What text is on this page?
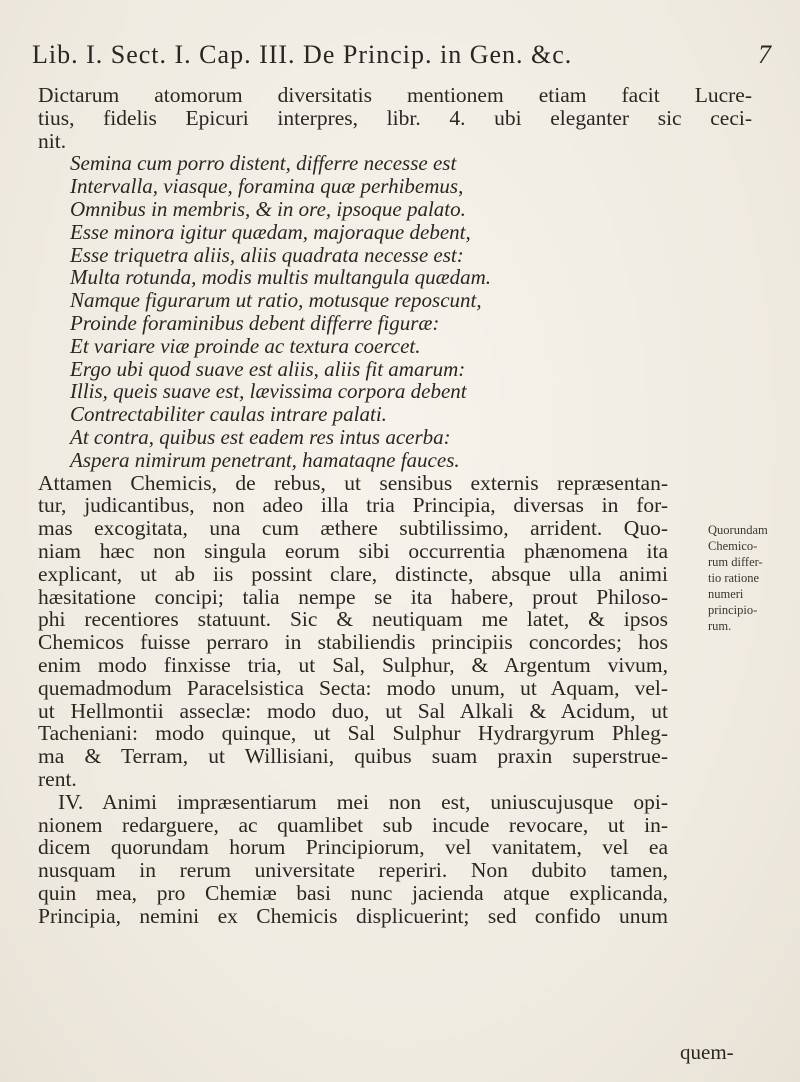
Lib. I. Sect. I. Cap. III. De Princip. in Gen. &c.	7
Dictarum atomorum diversitatis mentionem etiam facit Lucre-
tius, fidelis Epicuri interpres, libr. 4. ubi eleganter sic ceci-
nit.
Semina cum porro distent, differre necesse est
Intervalla, viasque, foramina quæ perhibemus,
Omnibus in membris, & in ore, ipsoque palato.
Esse minora igitur quædam, majoraque debent,
Esse triquetra aliis, aliis quadrata necesse est:
Multa rotunda, modis multis multangula quædam.
Namque figurarum ut ratio, motusque reposcunt,
Proinde foraminibus debent differre figuræ:
Et variare viæ proinde ac textura coercet.
Ergo ubi quod suave est aliis, aliis fit amarum:
Illis, queis suave est, lævissima corpora debent
Contrectabiliter caulas intrare palati.
At contra, quibus est eadem res intus acerba:
Aspera nimirum penetrant, hamataqne fauces.
Attamen Chemicis, de rebus, ut sensibus externis repræsentan-
tur, judicantibus, non adeo illa tria Principia, diversas in for-
mas excogitata, una cum æthere subtilissimo, arrident. Quo-
niam hæc non singula eorum sibi occurrentia phænomena ita
explicant, ut ab iis possint clare, distincte, absque ulla animi
hæsitatione concipi; talia nempe se ita habere, prout Philoso-
phi recentiores statuunt. Sic & neutiquam me latet, & ipsos
Chemicos fuisse perraro in stabiliendis principiis concordes; hos
enim modo finxisse tria, ut Sal, Sulphur, & Argentum vivum,
quemadmodum Paracelsistica Secta: modo unum, ut Aquam, vel-
ut Hellmontii asseclæ: modo duo, ut Sal Alkali & Acidum, ut
Tacheniani: modo quinque, ut Sal Sulphur Hydrargyrum Phleg-
ma & Terram, ut Willisiani, quibus suam praxin superstrue-
rent.
IV. Animi impræsentiarum mei non est, uniuscujusque opi-
nionem redarguere, ac quamlibet sub incude revocare, ut in-
dicem quorundam horum Principiorum, vel vanitatem, vel ea
nusquam in rerum universitate reperiri. Non dubito tamen,
quin mea, pro Chemiæ basi nunc jacienda atque explicanda,
Principia, nemini ex Chemicis displicuerint; sed confido unum
Quorundam
Chemico-
rum differ-
tio ratione
numeri
principio-
rum.
quem-
